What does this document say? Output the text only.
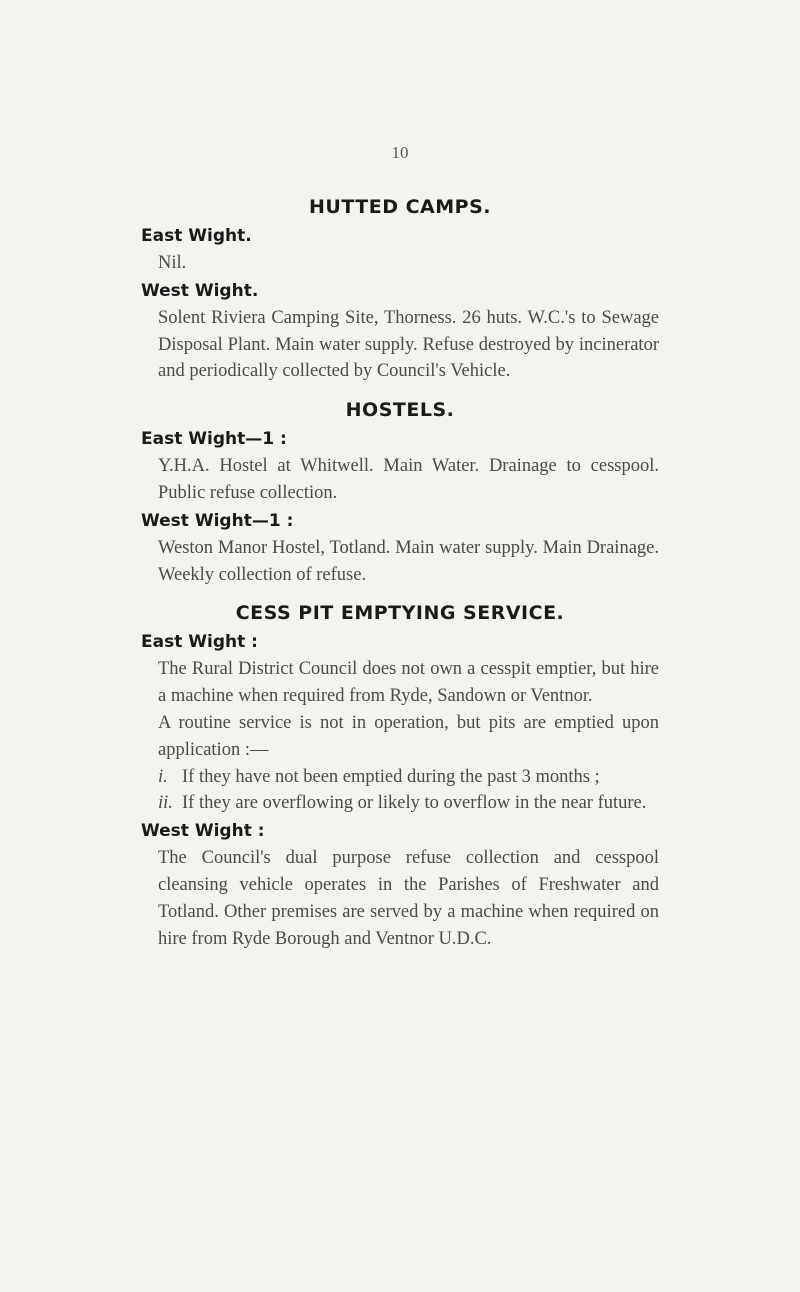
10
HUTTED CAMPS.

East Wight.

Nil.

West Wight.

Solent Riviera Camping Site, Thorness. 26 huts. W.C.'s to Sewage Disposal Plant. Main water supply. Refuse destroyed by incinerator and periodically collected by Council's Vehicle.

HOSTELS.

East Wight—1 :

Y.H.A. Hostel at Whitwell. Main Water. Drainage to cesspool. Public refuse collection.

West Wight—1 :

Weston Manor Hostel, Totland. Main water supply. Main Drainage. Weekly collection of refuse.

CESS PIT EMPTYING SERVICE.

East Wight :

The Rural District Council does not own a cesspit emptier, but hire a machine when required from Ryde, Sandown or Ventnor.

A routine service is not in operation, but pits are emptied upon application :—

i. If they have not been emptied during the past 3 months ;

ii. If they are overflowing or likely to overflow in the near future.

West Wight :

The Council's dual purpose refuse collection and cesspool cleansing vehicle operates in the Parishes of Freshwater and Totland. Other premises are served by a machine when required on hire from Ryde Borough and Ventnor U.D.C.
